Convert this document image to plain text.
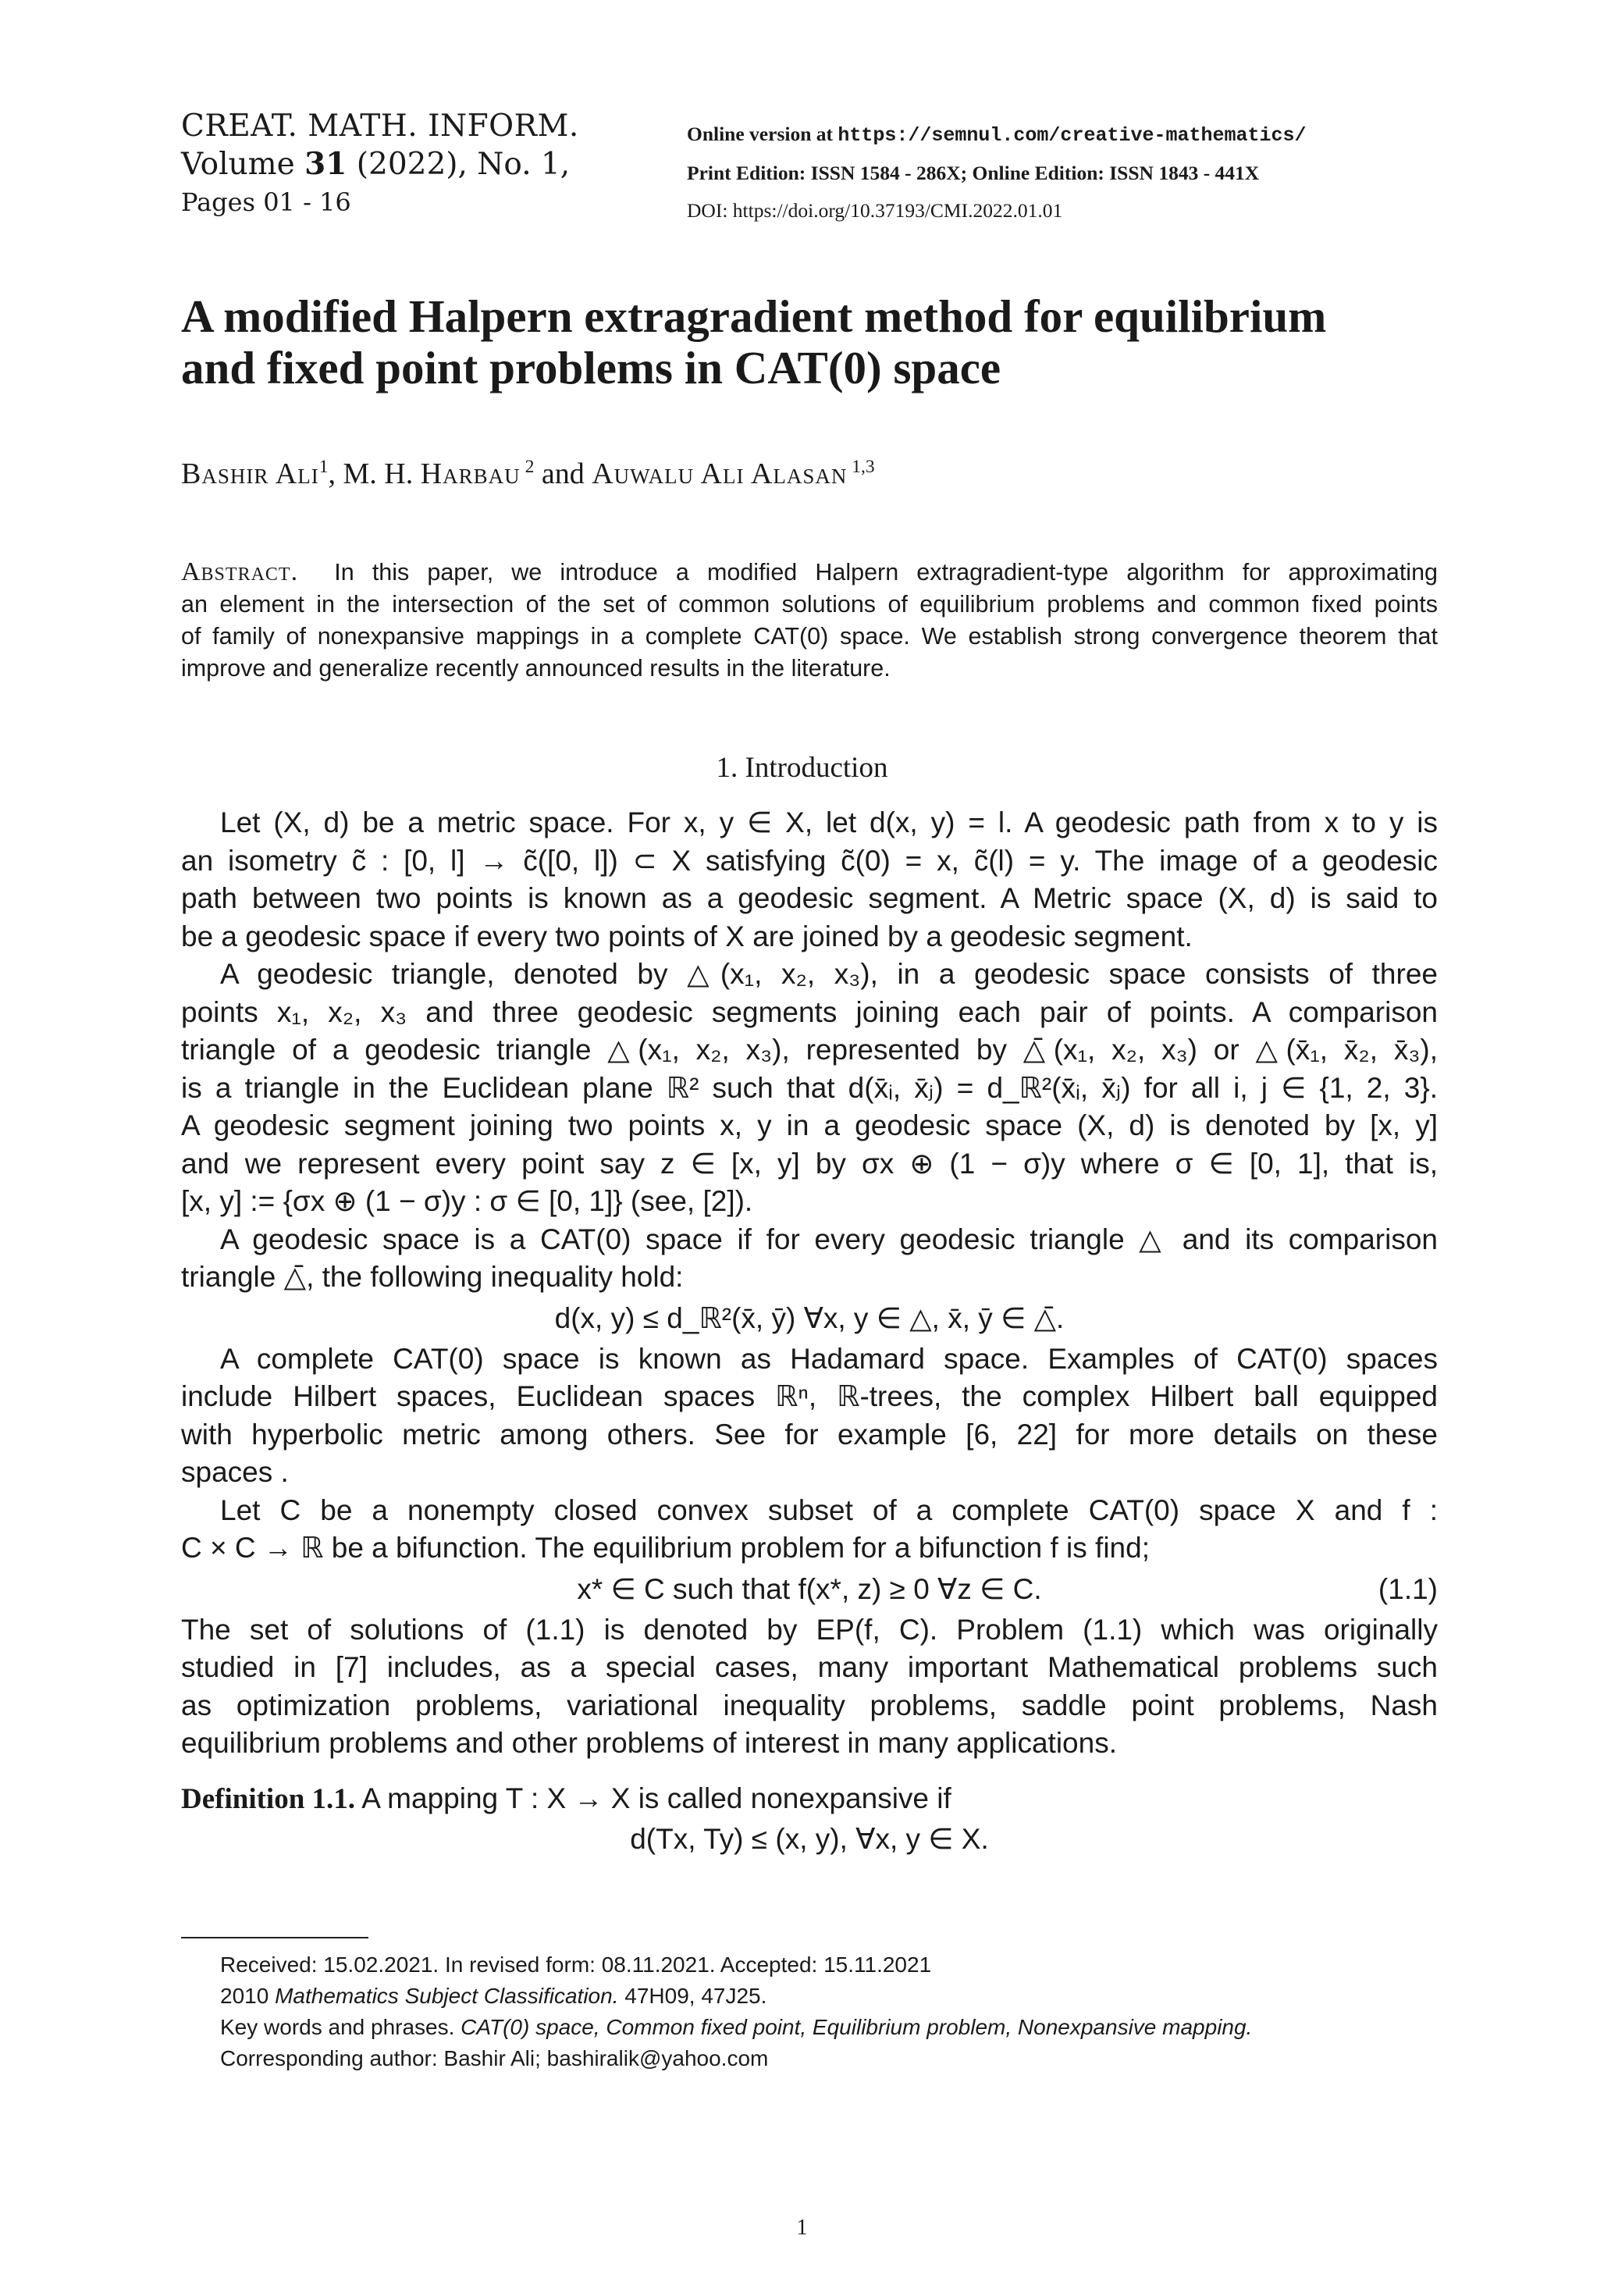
CREAT. MATH. INFORM.
Volume 31 (2022), No. 1,
Pages 01 - 16
Online version at https://semnul.com/creative-mathematics/
Print Edition: ISSN 1584 - 286X; Online Edition: ISSN 1843 - 441X
DOI: https://doi.org/10.37193/CMI.2022.01.01
A modified Halpern extragradient method for equilibrium
and fixed point problems in CAT(0) space
Bashir Ali$^1$, M. H. Harbau $^2$ and Auwalu Ali Alasan $^{1,3}$
Abstract. In this paper, we introduce a modified Halpern extragradient-type algorithm for approximating
an element in the intersection of the set of common solutions of equilibrium problems and common fixed points
of family of nonexpansive mappings in a complete CAT(0) space. We establish strong convergence theorem that
improve and generalize recently announced results in the literature.
1. Introduction
Let (X, d) be a metric space. For x, y ∈ X, let d(x, y) = l. A geodesic path from x to y is
an isometry c̃ : [0, l] → c̃([0, l]) ⊂ X satisfying c̃(0) = x, c̃(l) = y. The image of a geodesic
path between two points is known as a geodesic segment. A Metric space (X, d) is said to
be a geodesic space if every two points of X are joined by a geodesic segment.
A geodesic triangle, denoted by △(x₁, x₂, x₃), in a geodesic space consists of three
points x₁, x₂, x₃ and three geodesic segments joining each pair of points. A comparison
triangle of a geodesic triangle △(x₁, x₂, x₃), represented by △̄(x₁, x₂, x₃) or △(x̄₁, x̄₂, x̄₃),
is a triangle in the Euclidean plane ℝ² such that d(x̄ᵢ, x̄ⱼ) = d_ℝ²(x̄ᵢ, x̄ⱼ) for all i, j ∈ {1, 2, 3}.
A geodesic segment joining two points x, y in a geodesic space (X, d) is denoted by [x, y]
and we represent every point say z ∈ [x, y] by σx ⊕ (1 − σ)y where σ ∈ [0, 1], that is,
[x, y] := {σx ⊕ (1 − σ)y : σ ∈ [0, 1]} (see, [2]).
A geodesic space is a CAT(0) space if for every geodesic triangle △ and its comparison
triangle △̄, the following inequality hold:
d(x, y) ≤ d_ℝ²(x̄, ȳ) ∀x, y ∈ △, x̄, ȳ ∈ △̄.
A complete CAT(0) space is known as Hadamard space. Examples of CAT(0) spaces
include Hilbert spaces, Euclidean spaces ℝⁿ, ℝ-trees, the complex Hilbert ball equipped
with hyperbolic metric among others. See for example [6, 22] for more details on these
spaces .
Let C be a nonempty closed convex subset of a complete CAT(0) space X and f :
C × C → ℝ be a bifunction. The equilibrium problem for a bifunction f is find;
x* ∈ C such that f(x*, z) ≥ 0 ∀z ∈ C.	(1.1)
The set of solutions of (1.1) is denoted by EP(f, C). Problem (1.1) which was originally
studied in [7] includes, as a special cases, many important Mathematical problems such
as optimization problems, variational inequality problems, saddle point problems, Nash
equilibrium problems and other problems of interest in many applications.
Definition 1.1. A mapping T : X → X is called nonexpansive if
d(Tx, Ty) ≤ (x, y), ∀x, y ∈ X.
Received: 15.02.2021. In revised form: 08.11.2021. Accepted: 15.11.2021
2010 Mathematics Subject Classification. 47H09, 47J25.
Key words and phrases. CAT(0) space, Common fixed point, Equilibrium problem, Nonexpansive mapping.
Corresponding author: Bashir Ali; bashiralik@yahoo.com
1
